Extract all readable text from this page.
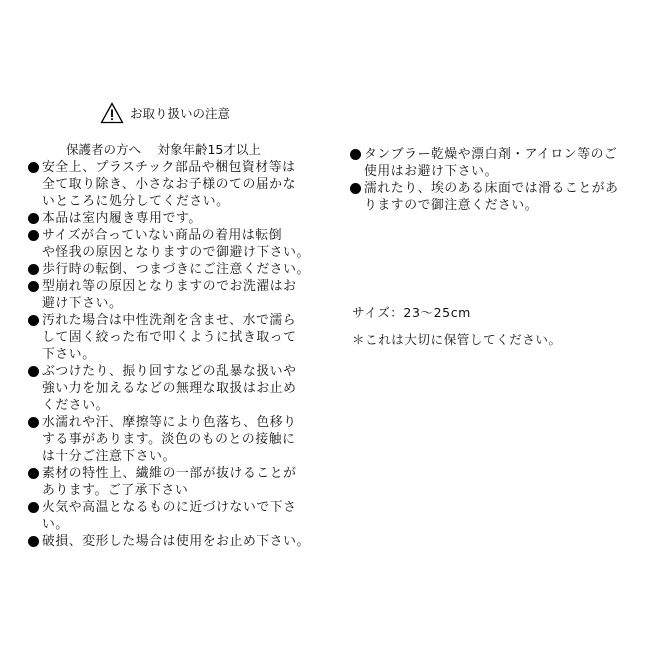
お取り扱いの注意
保護者の方へ　 対象年齢15才以上
安全上、プラスチック部品や梱包資材等は
全て取り除き、小さなお子様のての届かな
いところに処分してください。
本品は室内履き専用です。
サイズが合っていない商品の着用は転倒
や怪我の原因となりますので御避け下さい。
歩行時の転倒、つまづきにご注意ください。
型崩れ等の原因となりますのでお洗濯はお
避け下さい。
汚れた場合は中性洗剤を含ませ、水で濡ら
して固く絞った布で叩くように拭き取って
下さい。
ぶつけたり、振り回すなどの乱暴な扱いや
強い力を加えるなどの無理な取扱はお止め
ください。
水濡れや汗、摩擦等により色落ち、色移り
する事があります。淡色のものとの接触に
は十分ご注意下さい。
素材の特性上、繊維の一部が抜けることが
あります。ご了承下さい
火気や高温となるものに近づけないで下さ
い。
破損、変形した場合は使用をお止め下さい。
タンブラー乾燥や漂白剤・アイロン等のご
使用はお避け下さい。
濡れたり、埃のある床面では滑ることがあ
りますので御注意ください。
サイズ：23～25cm
＊これは大切に保管してください。
